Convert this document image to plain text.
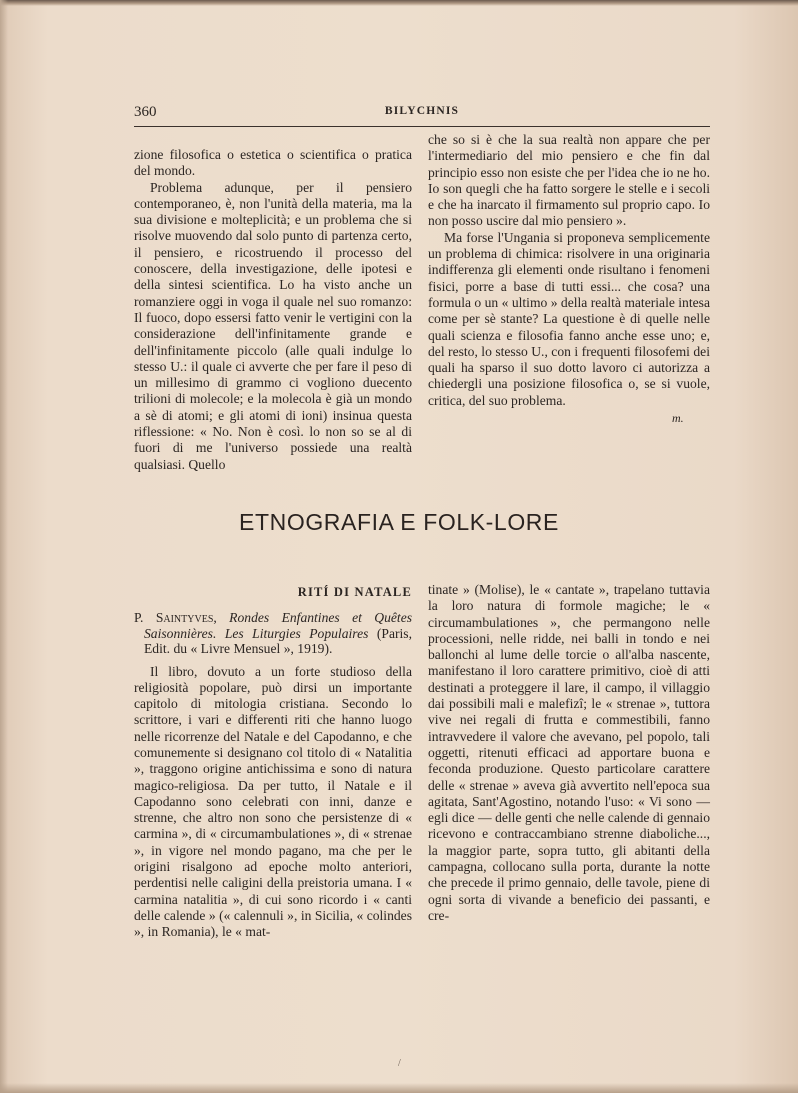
360	BILYCHNIS

zione filosofica o estetica o scientifica o pratica del mondo.

Problema adunque, per il pensiero contemporaneo, è, non l'unità della materia, ma la sua divisione e molteplicità; e un problema che si risolve muovendo dal solo punto di partenza certo, il pensiero, e ricostruendo il processo del conoscere, della investigazione, delle ipotesi e della sintesi scientifica. Lo ha visto anche un romanziere oggi in voga il quale nel suo romanzo: Il fuoco, dopo essersi fatto venir le vertigini con la considerazione dell'infinitamente grande e dell'infinitamente piccolo (alle quali indulge lo stesso U.: il quale ci avverte che per fare il peso di un millesimo di grammo ci vogliono duecento trilioni di molecole; e la molecola è già un mondo a sè di atomi; e gli atomi di ioni) insinua questa riflessione: « No. Non è così. lo non so se al di fuori di me l'universo possiede una realtà qualsiasi. Quello

che so si è che la sua realtà non appare che per l'intermediario del mio pensiero e che fin dal principio esso non esiste che per l'idea che io ne ho. Io son quegli che ha fatto sorgere le stelle e i secoli e che ha inarcato il firmamento sul proprio capo. Io non posso uscire dal mio pensiero ».

Ma forse l'Ungania si proponeva semplicemente un problema di chimica: risolvere in una originaria indifferenza gli elementi onde risultano i fenomeni fisici, porre a base di tutti essi... che cosa? una formula o un « ultimo » della realtà materiale intesa come per sè stante? La questione è di quelle nelle quali scienza e filosofia fanno anche esse uno; e, del resto, lo stesso U., con i frequenti filosofemi dei quali ha sparso il suo dotto lavoro ci autorizza a chiedergli una posizione filosofica o, se si vuole, critica, del suo problema.

m.
ETNOGRAFIA E FOLK-LORE
RITÍ DI NATALE

P. Saintyves, Rondes Enfantines et Quêtes Saisonnières. Les Liturgies Populaires (Paris, Edit. du « Livre Mensuel », 1919).

Il libro, dovuto a un forte studioso della religiosità popolare, può dirsi un importante capitolo di mitologia cristiana. Secondo lo scrittore, i vari e differenti riti che hanno luogo nelle ricorrenze del Natale e del Capodanno, e che comunemente si designano col titolo di « Natalitia », traggono origine antichissima e sono di natura magico-religiosa. Da per tutto, il Natale e il Capodanno sono celebrati con inni, danze e strenne, che altro non sono che persistenze di « carmina », di « circumambulationes », di « strenae », in vigore nel mondo pagano, ma che per le origini risalgono ad epoche molto anteriori, perdentisi nelle caligini della preistoria umana. I « carmina natalitia », di cui sono ricordo i « canti delle calende » (« calennuli », in Sicilia, « colindes », in Romania), le « mat-

tinate » (Molise), le « cantate », trapelano tuttavia la loro natura di formole magiche; le « circumambulationes », che permangono nelle processioni, nelle ridde, nei balli in tondo e nei ballonchi al lume delle torcie o all'alba nascente, manifestano il loro carattere primitivo, cioè di atti destinati a proteggere il lare, il campo, il villaggio dai possibili mali e malefizî; le « strenae », tuttora vive nei regali di frutta e commestibili, fanno intravvedere il valore che avevano, pel popolo, tali oggetti, ritenuti efficaci ad apportare buona e feconda produzione. Questo particolare carattere delle « strenae » aveva già avvertito nell'epoca sua agitata, Sant'Agostino, notando l'uso: « Vi sono — egli dice — delle genti che nelle calende di gennaio ricevono e contraccambiano strenne diaboliche..., la maggior parte, sopra tutto, gli abitanti della campagna, collocano sulla porta, durante la notte che precede il primo gennaio, delle tavole, piene di ogni sorta di vivande a beneficio dei passanti, e cre-

/
